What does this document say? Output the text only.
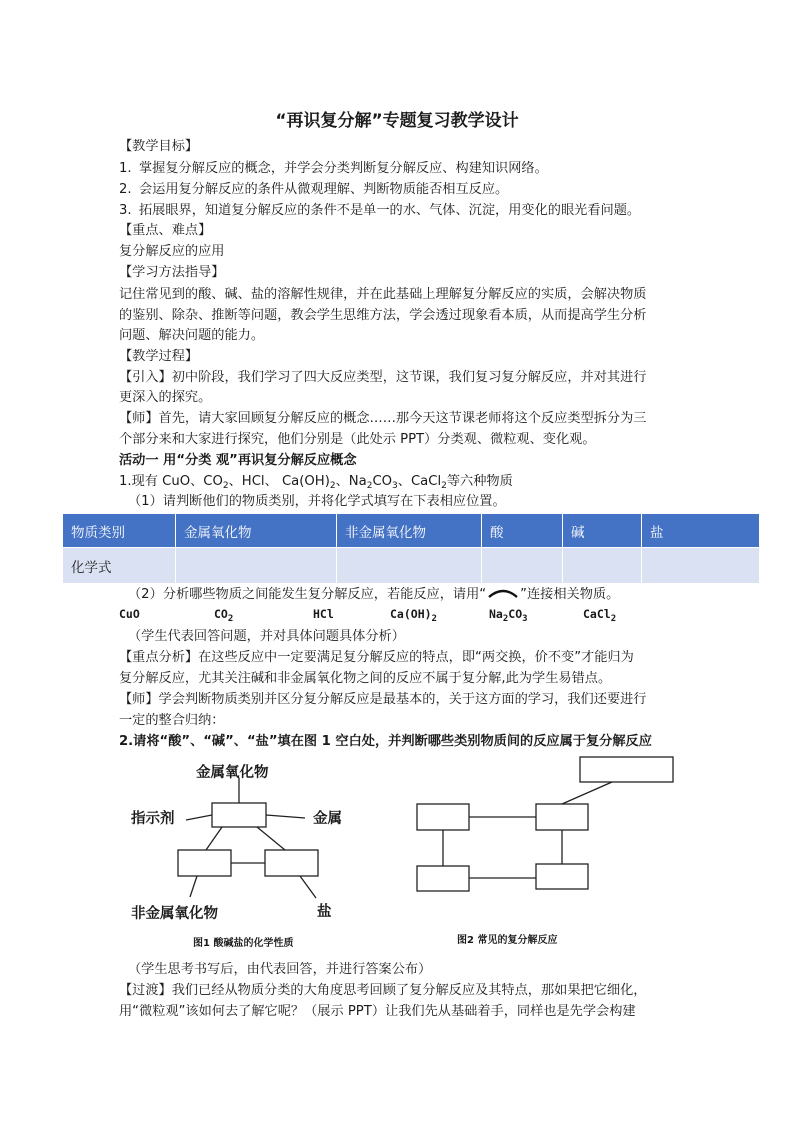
“再识复分解”专题复习教学设计
【教学目标】
1. 掌握复分解反应的概念，并学会分类判断复分解反应、构建知识网络。
2. 会运用复分解反应的条件从微观理解、判断物质能否相互反应。
3. 拓展眼界，知道复分解反应的条件不是单一的水、气体、沉淀，用变化的眼光看问题。
【重点、难点】
复分解反应的应用
【学习方法指导】
记住常见到的酸、碱、盐的溶解性规律，并在此基础上理解复分解反应的实质，会解决物质
的鉴别、除杂、推断等问题，教会学生思维方法，学会透过现象看本质，从而提高学生分析
问题、解决问题的能力。
【教学过程】
【引入】初中阶段，我们学习了四大反应类型，这节课，我们复习复分解反应，并对其进行
更深入的探究。
【师】首先，请大家回顾复分解反应的概念……那今天这节课老师将这个反应类型拆分为三
个部分来和大家进行探究，他们分别是（此处示 PPT）分类观、微粒观、变化观。
活动一 用“分类 观”再识复分解反应概念
1.现有 CuO、$CO_2$、HCl、 $Ca(OH)_2$、$Na_2CO_3$、CaCl$_2$等六种物质
（1）请判断他们的物质类别，并将化学式填写在下表相应位置。
物质类别	金属氧化物	非金属氧化物	酸	碱	盐
化学式					
（2）分析哪些物质之间能发生复分解反应，若能反应，请用“	”连接相关物质。
CuO	$CO_2$	HCl	$Ca(OH)_2$	$Na_2CO_3$	CaCl$_2$
（学生代表回答问题，并对具体问题具体分析）
【重点分析】在这些反应中一定要满足复分解反应的特点，即“两交换，价不变”才能归为
复分解反应，尤其关注碱和非金属氧化物之间的反应不属于复分解,此为学生易错点。
【师】学会判断物质类别并区分复分解反应是最基本的，关于这方面的学习，我们还要进行
一定的整合归纳：
2.请将“酸”、“碱”、“盐”填在图 1 空白处，并判断哪些类别物质间的反应属于复分解反应
金属氧化物
指示剂	金属
非金属氧化物	盐
图1 酸碱盐的化学性质	图2 常见的复分解反应
（学生思考书写后，由代表回答，并进行答案公布）
【过渡】我们已经从物质分类的大角度思考回顾了复分解反应及其特点，那如果把它细化，
用“微粒观”该如何去了解它呢？（展示 PPT）让我们先从基础着手，同样也是先学会构建
